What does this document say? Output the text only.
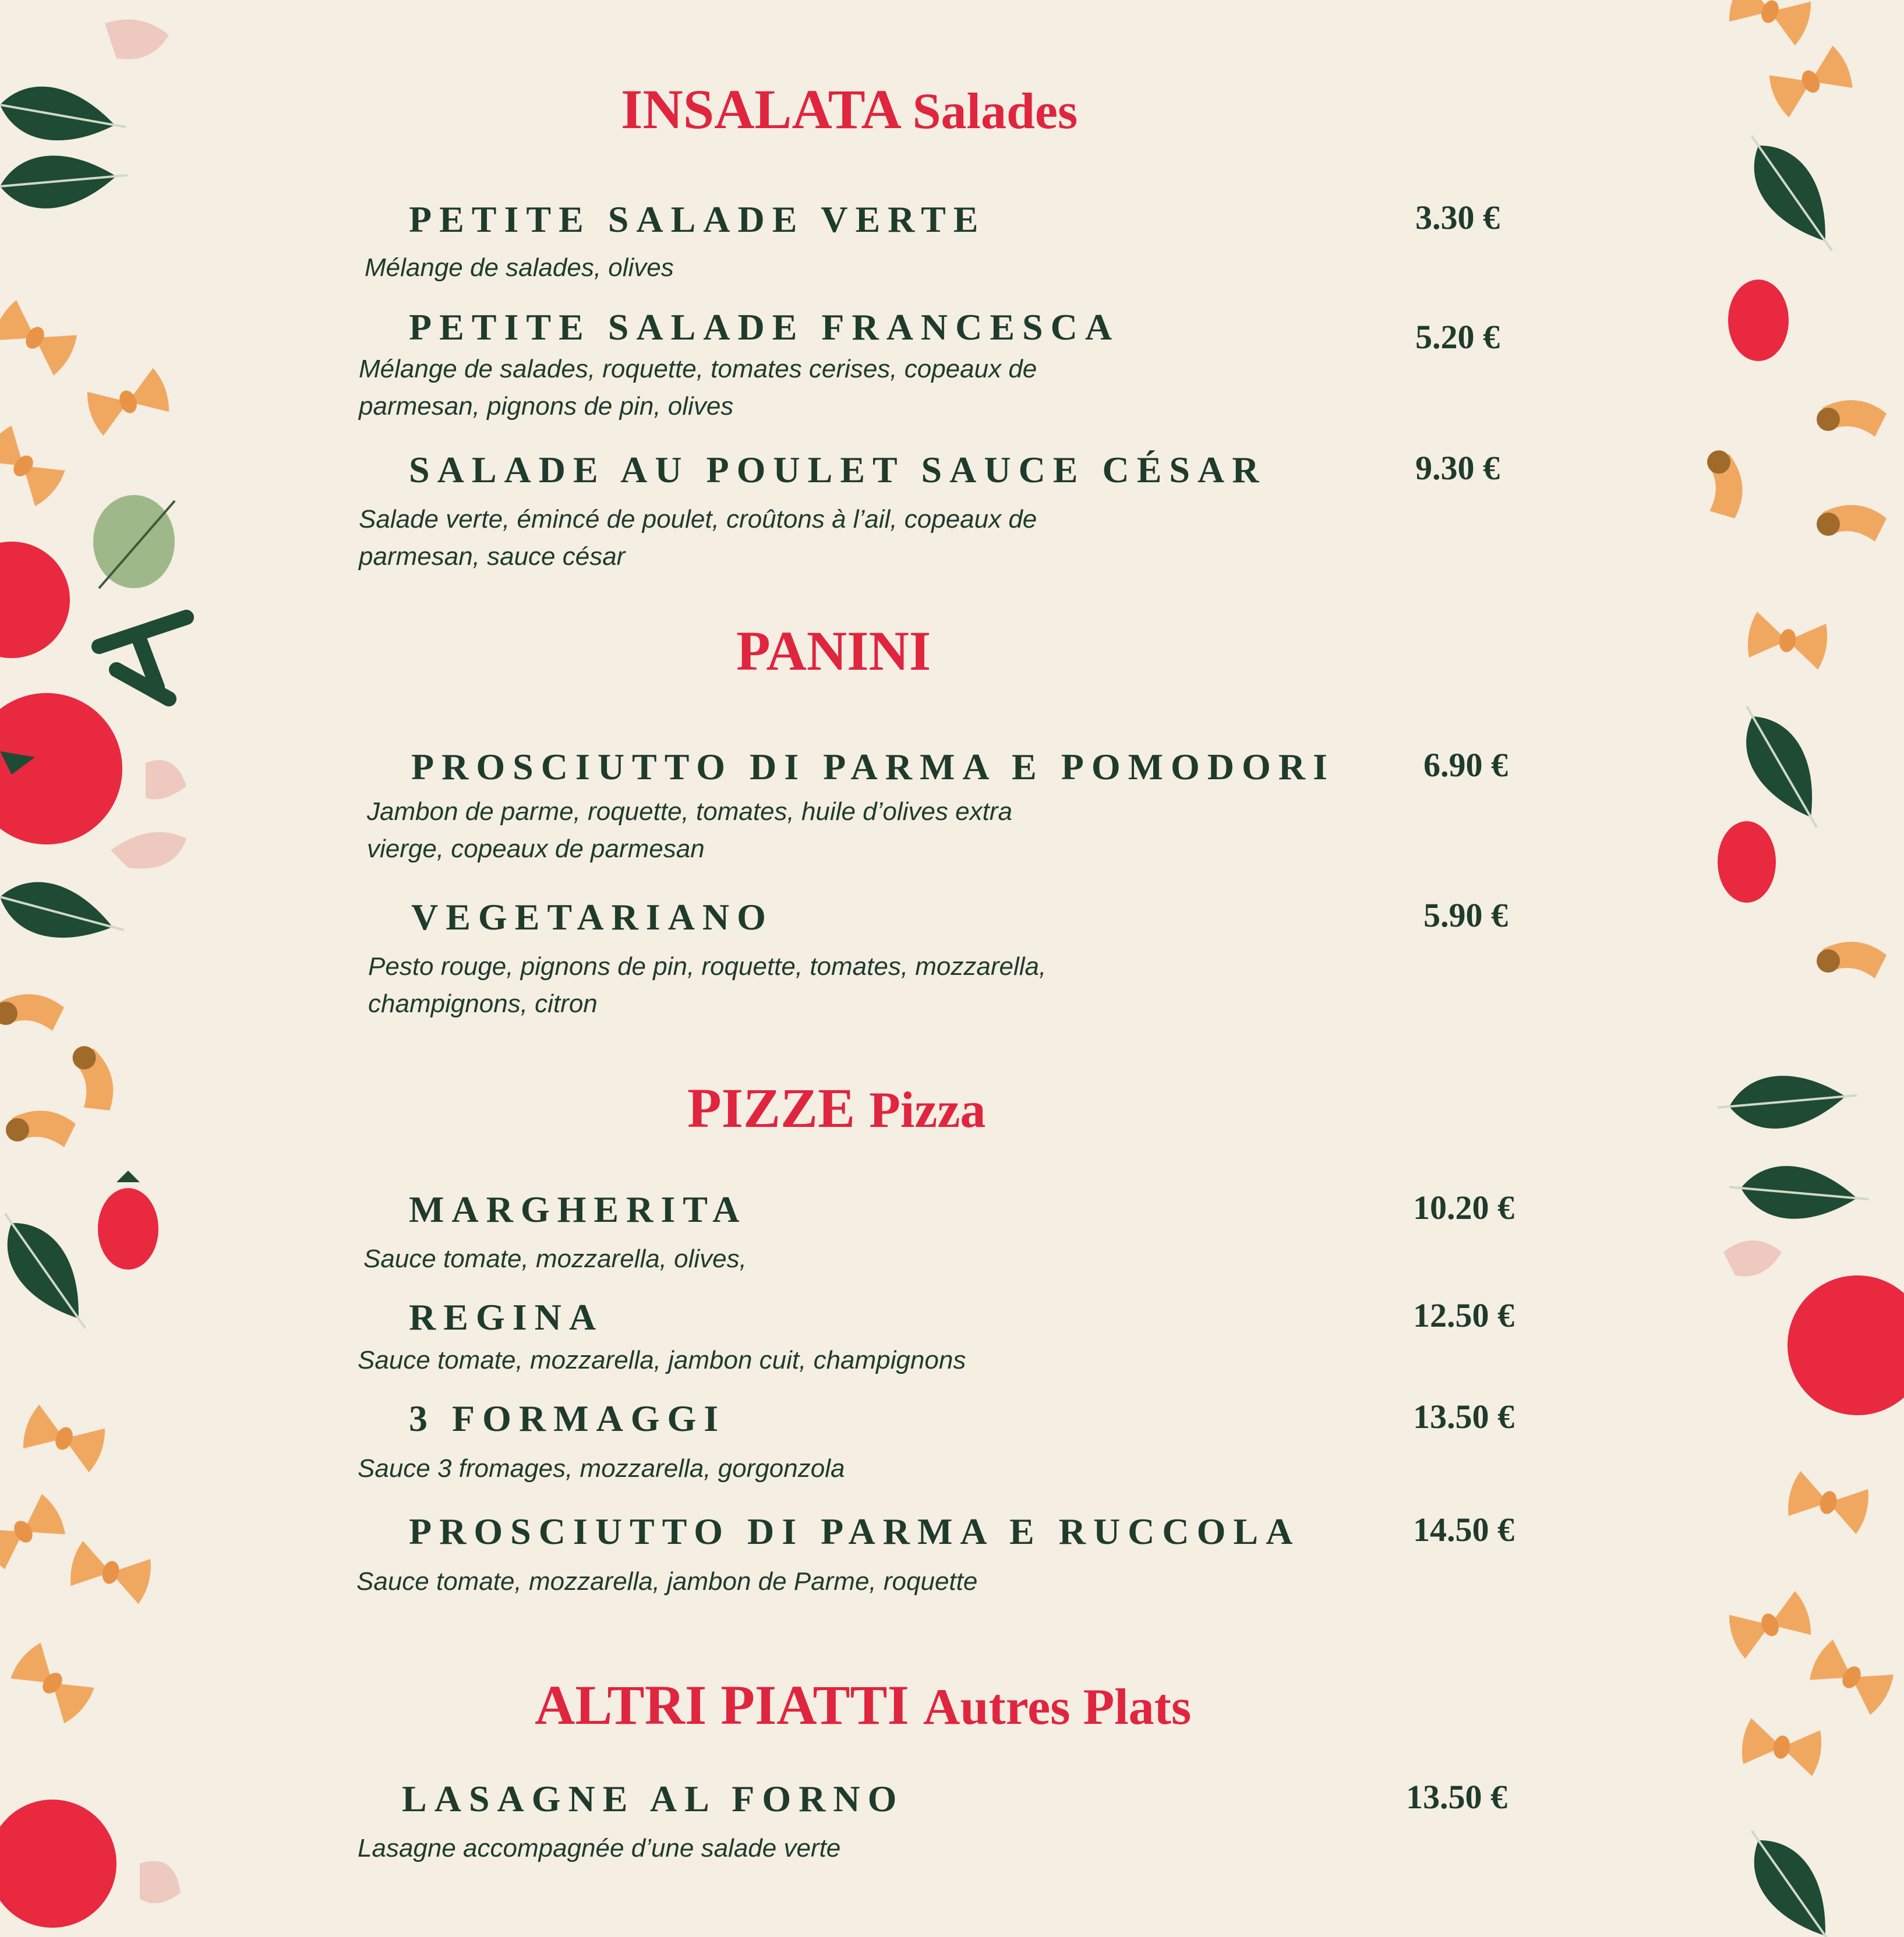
INSALATA Salades
PETITE SALADE VERTE	3.30 €
Mélange de salades, olives
PETITE SALADE FRANCESCA	5.20 €
Mélange de salades, roquette, tomates cerises, copeaux de
parmesan, pignons de pin, olives
SALADE AU POULET SAUCE CÉSAR	9.30 €
Salade verte, émincé de poulet, croûtons à l’ail, copeaux de
parmesan, sauce césar
PANINI
PROSCIUTTO DI PARMA E POMODORI	6.90 €
Jambon de parme, roquette, tomates, huile d’olives extra
vierge, copeaux de parmesan
VEGETARIANO	5.90 €
Pesto rouge, pignons de pin, roquette, tomates, mozzarella,
champignons, citron
PIZZE Pizza
MARGHERITA	10.20 €
Sauce tomate, mozzarella, olives,
REGINA	12.50 €
Sauce tomate, mozzarella, jambon cuit, champignons
3 FORMAGGI	13.50 €
Sauce 3 fromages, mozzarella, gorgonzola
PROSCIUTTO DI PARMA E RUCCOLA	14.50 €
Sauce tomate, mozzarella, jambon de Parme, roquette
ALTRI PIATTI Autres Plats
LASAGNE AL FORNO	13.50 €
Lasagne accompagnée d’une salade verte
